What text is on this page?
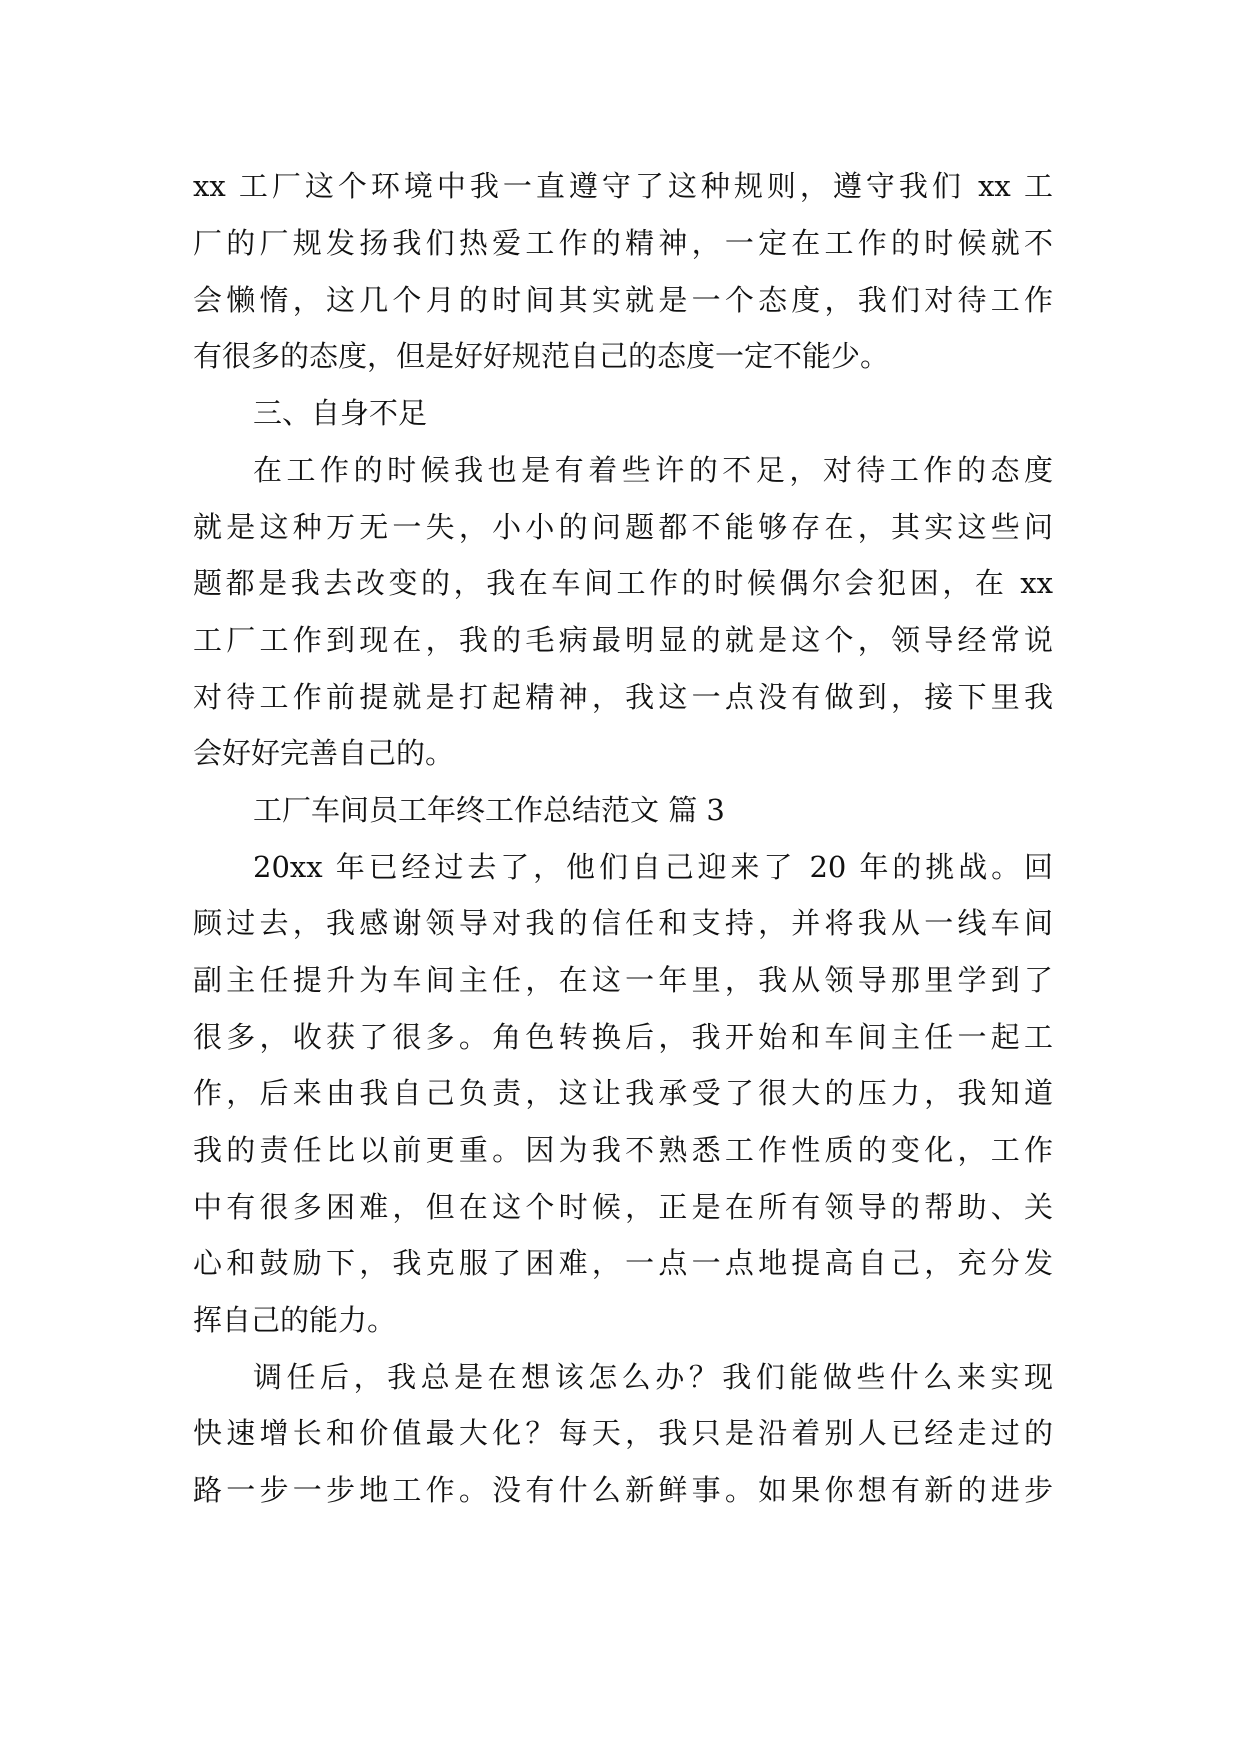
xx 工厂这个环境中我一直遵守了这种规则，遵守我们 xx 工
厂的厂规发扬我们热爱工作的精神，一定在工作的时候就不
会懒惰，这几个月的时间其实就是一个态度，我们对待工作
有很多的态度，但是好好规范自己的态度一定不能少。
三、自身不足
在工作的时候我也是有着些许的不足，对待工作的态度
就是这种万无一失，小小的问题都不能够存在，其实这些问
题都是我去改变的，我在车间工作的时候偶尔会犯困，在 xx
工厂工作到现在，我的毛病最明显的就是这个，领导经常说
对待工作前提就是打起精神，我这一点没有做到，接下里我
会好好完善自己的。
工厂车间员工年终工作总结范文 篇 3
20xx 年已经过去了，他们自己迎来了 20 年的挑战。回
顾过去，我感谢领导对我的信任和支持，并将我从一线车间
副主任提升为车间主任，在这一年里，我从领导那里学到了
很多，收获了很多。角色转换后，我开始和车间主任一起工
作，后来由我自己负责，这让我承受了很大的压力，我知道
我的责任比以前更重。因为我不熟悉工作性质的变化，工作
中有很多困难，但在这个时候，正是在所有领导的帮助、关
心和鼓励下，我克服了困难，一点一点地提高自己，充分发
挥自己的能力。
调任后，我总是在想该怎么办？我们能做些什么来实现
快速增长和价值最大化？每天，我只是沿着别人已经走过的
路一步一步地工作。没有什么新鲜事。如果你想有新的进步
